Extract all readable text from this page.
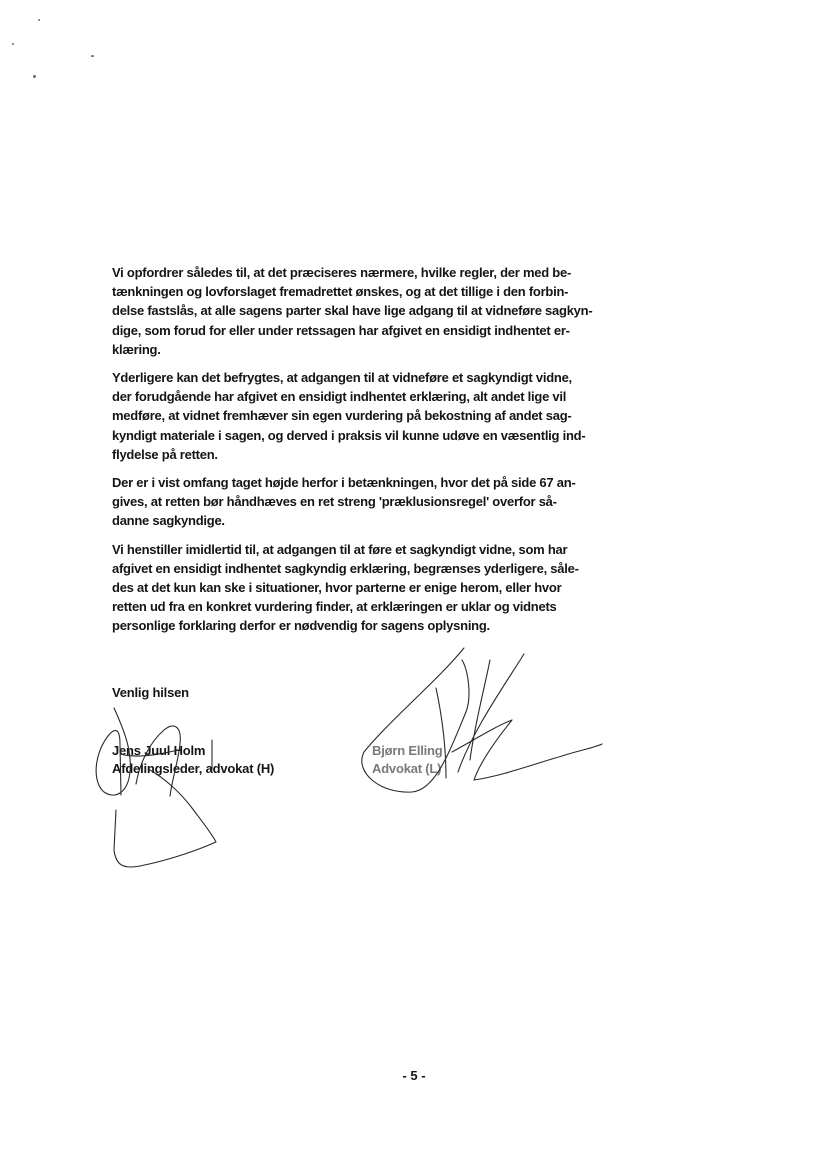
Vi opfordrer således til, at det præciseres nærmere, hvilke regler, der med be-
tænkningen og lovforslaget fremadrettet ønskes, og at det tillige i den forbin-
delse fastslås, at alle sagens parter skal have lige adgang til at vidneføre sagkyn-
dige, som forud for eller under retssagen har afgivet en ensidigt indhentet er-
klæring.

Yderligere kan det befrygtes, at adgangen til at vidneføre et sagkyndigt vidne,
der forudgående har afgivet en ensidigt indhentet erklæring, alt andet lige vil
medføre, at vidnet fremhæver sin egen vurdering på bekostning af andet sag-
kyndigt materiale i sagen, og derved i praksis vil kunne udøve en væsentlig ind-
flydelse på retten.

Der er i vist omfang taget højde herfor i betænkningen, hvor det på side 67 an-
gives, at retten bør håndhæves en ret streng 'præklusionsregel' overfor så-
danne sagkyndige.

Vi henstiller imidlertid til, at adgangen til at føre et sagkyndigt vidne, som har
afgivet en ensidigt indhentet sagkyndig erklæring, begrænses yderligere, såle-
des at det kun kan ske i situationer, hvor parterne er enige herom, eller hvor
retten ud fra en konkret vurdering finder, at erklæringen er uklar og vidnets
personlige forklaring derfor er nødvendig for sagens oplysning.

Venlig hilsen
Jens Juul Holm
Afdelingsleder, advokat (H)
Bjørn Elling
Advokat (L)
- 5 -
